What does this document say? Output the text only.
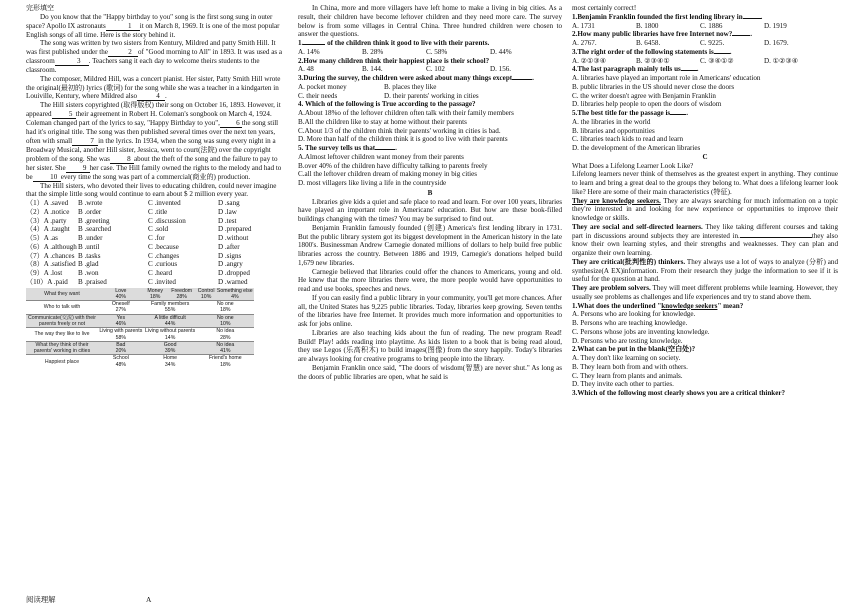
完形填空

Do you know that the "Happy birthday to you" song is the first song sung in outer space? Apollo IX astronauts	1 it on March 8, 1969. It is one of the most popular English songs of all time. Here is the story behind it.

The song was written by two sisters from Kentury, Mildred and patty Smith Hill. It was first published under the	2 of "Good morning to All" in 1893. It was used as a classroom	3 . Teachers sang it each day to welcome theirs students to the classroom.

The composer, Mildred Hill, was a concert pianist. Her sister, Patty Smith Hill wrote the original(最初的) lyrics (歌词) for the song while she was a teacher in a kindgarten in Louiville, Kentury, where Mildred also	4 .

The Hill sisters copyrighted (取得版权) their song on October 16, 1893. However, it appeared 5 their agreement in Robert H. Coleman's songbook on March 4, 1924. Coleman changed part of the lyrics to say, "Happy Birthday to you", 6 the song still had it's original title. The song was then published several times over the next ten years, often with small	7 in the lyrics. In 1934, when the song was sung every night in a Broadway Musical, another Hill sister, Jessica, went to court(法院) over the copyright problem of the song. She was 8 about the theft of the song and the failure to pay to her sister. She 9 her case. The Hill family owned the rights to the melody and had to be 10 every time the song was part of a commercial(商业的) production.

The Hill sisters, who devoted their lives to educating children, could never imagine that the simple little song would continue to earn about $ 2 million every year.

（1）A .saved B .wrote	C .invented	D .sang
（2）A .notice B .order	C .title	D .law
（3）A .party B .greeting	C .discussion	D .test
（4）A .taught B .searched	C .sold	D .prepared
（5）A .as	B .under	C .for	D .without
（6）A .althoughB .until	C .because	D .after
（7）A .chances B .tasks	C .changes	D .signs
（8）A .satisfied B .glad	C .curious	D .angry
（9）A .lost B .won	C .heard	D .dropped
（10）A .paid B .praised	C .invited	D .warned
What they want	Love	Money	Freedom	Control	Something else
	40%	18%	28%	10%	4%
Who to talk with	Oneself	Family members		No one	
	27%	55%		18%	
Communicate(交流) with their parents freely or not	Yes	A little difficult		No one	
	46%	44%		10%	
The way they like to live	Living with parents	Living without parents		No idea	
	58%	14%		28%	
What they think of their parents' working in cities	Bad	Good		No idea	
	20%	39%		41%	
Happiest place	School	Home		Friend's home	
	48%	34%		18%	
阅读理解	A

In China, more and more villagers have left home to make a living in big cities. As a result, their children have become leftover children and they need more care. The survey below is from some villages in Central China. Three hundred children were chosen to answer the questions.

1.	of the children think it good to live with their parents.

A. 14%	B. 28%	C. 58%	D. 44%

2.How many children think their happiest place is their school?

A. 48	B. 144.	C. 102	D. 156.

3.During the survey, the children were asked about many things except	.

A. pocket money	B. places they like
C. their needs	D. their parents' working in cities

4. Which of the following is True according to the passage?

A.About 18%o of the leftover children often talk with their family members

B.All the children like to stay at home without their parents

C.About 1/3 of the children think their parents' working in cities is bad.

D. More than half of the children think it is good to live with their parents

5. The survey tells us that	.

A.Almost leftover children want money from their parents

B.over 40% of the children have difficulty talking to parents freely

C.all the leftover children dream of making money in big cities

D. most villagers like living a life in the countryside

B

Libraries give kids a quiet and safe place to read and learn. For over 100 years, libraries have played an important role in Americans' education. But how are these book-filled buildings changing with the times? You may be surprised to find out.

Benjamin Franklin famously founded (创建) America's first lending library in 1731. But the public library system got its biggest development in the American history in the late 1800's. Businessman Andrew Carnegie donated millions of dollars to help build free public libraries across the country. Between 1886 and 1919, Carnegie's donations helped build 1,679 new libraries.

Carnegie believed that libraries could offer the chances to Americans, young and old. He knew that the more libraries there were, the more people would have opportunities to read and use books, speeches and news.

If you can easily find a public library in your community, you'll get more chances. After all, the United States has 9,225 public libraries. Today, libraries keep growing. Seven tenths of the libraries have free Internet. It provides much more information and opportunities to ask for jobs online.

Libraries are also teaching kids about the fun of reading. The new program Read! Build! Play! adds reading into playtime. As kids listen to a book that is being read aloud, they use Legos (乐高积木) to build images(图像) from the story happily. Today's libraries are always looking for creative programs to bring people into the library.

Benjamin Franklin once said, "The doors of wisdom(智慧) are never shut." As long as the doors of public libraries are open, what he said is

most certainly correct!

1.Benjamin Franklin founded the first lending library in	.

A. 1731	B. 1800	C. 1886	D. 1919

2.How many public libraries have free Internet now?	.

A. 2767.	B. 6458.	C. 9225.	D. 1679.

3.The right order of the following statements is .

A. ②①③④	B. ②③④①	C. ③④①②	D. ①②③④

4.The last paragraph mainly tells us .

A. libraries have played an important role in Americans' education

B. public libraries in the US should never close the doors

C. the writer doesn't agree with Benjamin Franklin

D. libraries help people to open the doors of wisdom

5.The best title for the passage is .

A. the libraries in the world

B. libraries and opportunities

C. libraries teach kids to read and learn

D. the development of the American libraries

C

What Does a Lifelong Learner Look Like?

Lifelong learners never think of themselves as the greatest expert in anything. They continue to learn and bring a great deal to the groups they belong to. What does a lifelong learner look like? Here are some of their main characteristics (特征).

They are knowledge seekers. They are always searching for much information on a topic they're interested in and looking for new experience or opportunities to improve their knowledge or skills.

They are social and self-directed learners. They like taking different courses and taking part in discussions around subjects they are interested in.	they also know their own learning styles, and their strengths and weaknesses. They can plan and organize their own learning.

They are critical(批判性的) thinkers. They always use a lot of ways to analyze (分析) and synthesize(A EX)information. From their research they judge the information to see if it is useful for the question at hand.

They are problem solvers. They will meet different problems while learning. However, they usually see problems as challenges and life experiences and try to stand above them.

1.What does the underlined "knowledge seekers" mean?

A. Persons who are looking for knowledge.

B. Persons who are teaching knowledge.

C. Persons whose jobs are inventing knowledge.

D. Persons who are testing knowledge.

2.What can be put in the blank(空白处)?

A. They don't like learning on society.

B. They learn both from and with others.

C. They learn from plants and animals.

D. They invite each other to parties.

3.Which of the following most clearly shows you are a critical thinker?
